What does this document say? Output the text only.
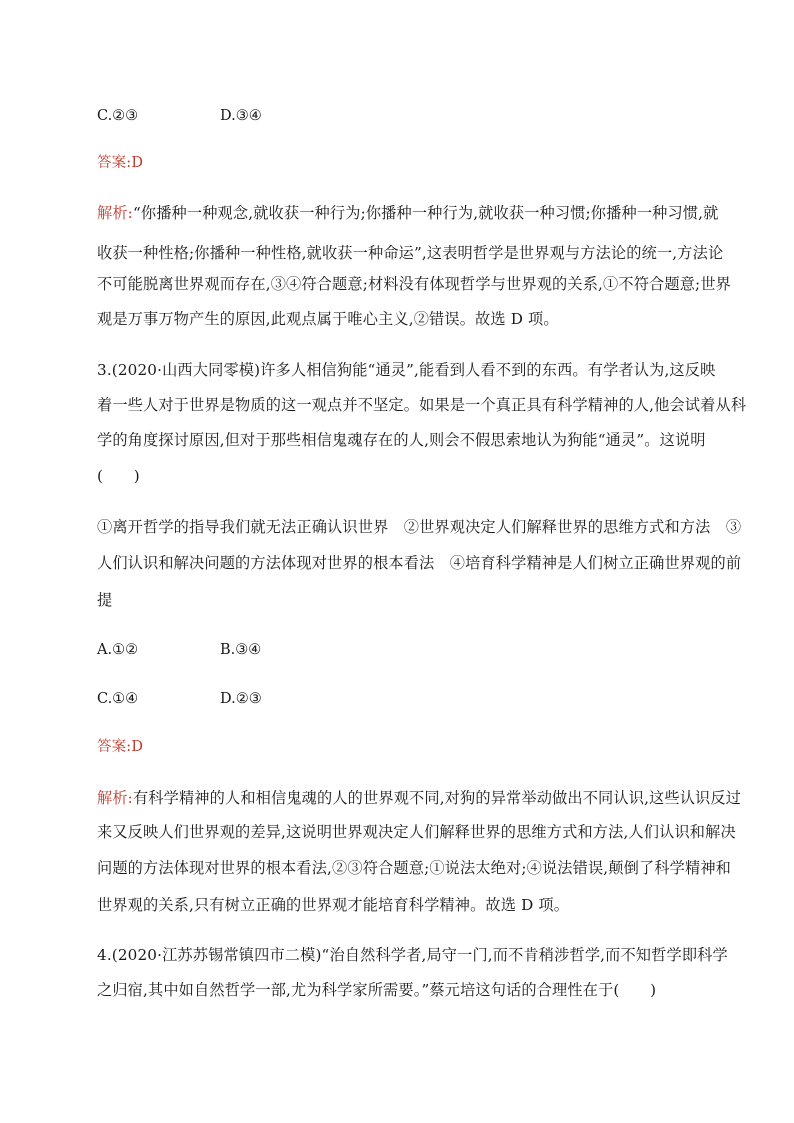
C.②③	D.③④
答案:D
解析:“你播种一种观念,就收获一种行为;你播种一种行为,就收获一种习惯;你播种一种习惯,就
收获一种性格;你播种一种性格,就收获一种命运”,这表明哲学是世界观与方法论的统一,方法论
不可能脱离世界观而存在,③④符合题意;材料没有体现哲学与世界观的关系,①不符合题意;世界
观是万事万物产生的原因,此观点属于唯心主义,②错误。故选 D 项。
3.(2020·山西大同零模)许多人相信狗能“通灵”,能看到人看不到的东西。有学者认为,这反映
着一些人对于世界是物质的这一观点并不坚定。如果是一个真正具有科学精神的人,他会试着从科
学的角度探讨原因,但对于那些相信鬼魂存在的人,则会不假思索地认为狗能“通灵”。这说明
(　　)
①离开哲学的指导我们就无法正确认识世界　②世界观决定人们解释世界的思维方式和方法　③
人们认识和解决问题的方法体现对世界的根本看法　④培育科学精神是人们树立正确世界观的前
提
A.①②	B.③④
C.①④	D.②③
答案:D
解析:有科学精神的人和相信鬼魂的人的世界观不同,对狗的异常举动做出不同认识,这些认识反过
来又反映人们世界观的差异,这说明世界观决定人们解释世界的思维方式和方法,人们认识和解决
问题的方法体现对世界的根本看法,②③符合题意;①说法太绝对;④说法错误,颠倒了科学精神和
世界观的关系,只有树立正确的世界观才能培育科学精神。故选 D 项。
4.(2020·江苏苏锡常镇四市二模)“治自然科学者,局守一门,而不肯稍涉哲学,而不知哲学即科学
之归宿,其中如自然哲学一部,尤为科学家所需要。”蔡元培这句话的合理性在于(　　)
